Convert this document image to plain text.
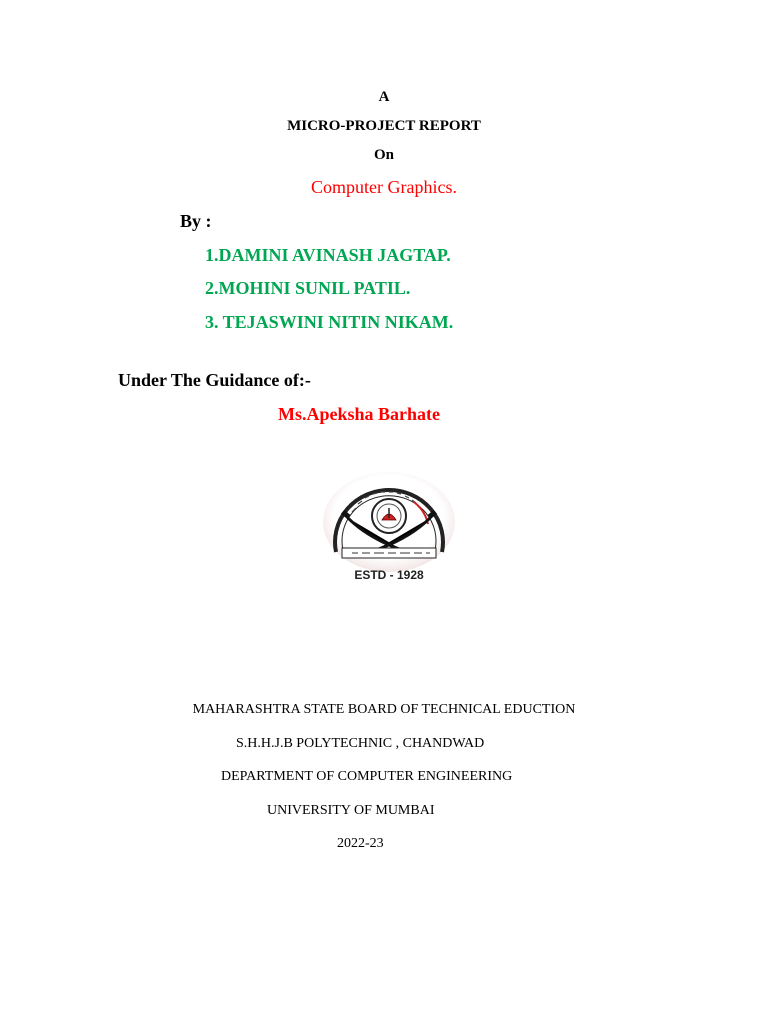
A
MICRO-PROJECT REPORT
On
Computer Graphics.
By :
1.DAMINI AVINASH JAGTAP.
2.MOHINI SUNIL PATIL.
3. TEJASWINI NITIN NIKAM.
Under The Guidance of:-
Ms.Apeksha Barhate
ESTD - 1928
MAHARASHTRA STATE BOARD OF TECHNICAL EDUCTION
S.H.H.J.B POLYTECHNIC , CHANDWAD
DEPARTMENT OF COMPUTER ENGINEERING
UNIVERSITY OF MUMBAI
2022-23
